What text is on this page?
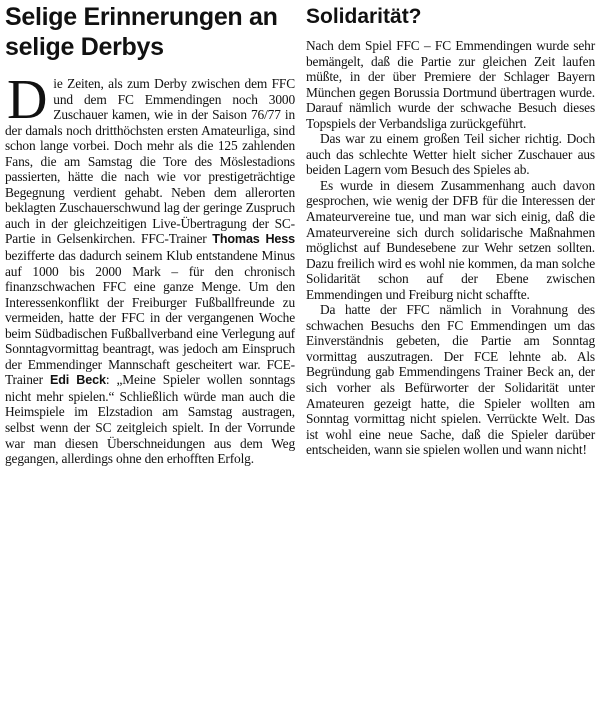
Selige Erinnerungen an selige Derbys

Die Zeiten, als zum Derby zwischen dem FFC und dem FC Emmendingen noch 3000 Zuschauer kamen, wie in der Saison 76/77 in der damals noch dritthöchsten ersten Amateurliga, sind schon lange vorbei. Doch mehr als die 125 zahlenden Fans, die am Samstag die Tore des Möslestadions passierten, hätte die nach wie vor prestigeträchtige Begegnung verdient gehabt. Neben dem allerorten beklagten Zuschauerschwund lag der geringe Zuspruch auch in der gleichzeitigen Live-Übertragung der SC-Partie in Gelsenkirchen. FFC-Trainer Thomas Hess bezifferte das dadurch seinem Klub entstandene Minus auf 1000 bis 2000 Mark – für den chronisch finanzschwachen FFC eine ganze Menge. Um den Interessenkonflikt der Freiburger Fußballfreunde zu vermeiden, hatte der FFC in der vergangenen Woche beim Südbadischen Fußballverband eine Verlegung auf Sonntagvormittag beantragt, was jedoch am Einspruch der Emmendinger Mannschaft gescheitert war. FCE-Trainer Edi Beck: „Meine Spieler wollen sonntags nicht mehr spielen.“ Schließlich würde man auch die Heimspiele im Elzstadion am Samstag austragen, selbst wenn der SC zeitgleich spielt. In der Vorrunde war man diesen Überschneidungen aus dem Weg gegangen, allerdings ohne den erhofften Erfolg.

Solidarität?

Nach dem Spiel FFC – FC Emmendingen wurde sehr bemängelt, daß die Partie zur gleichen Zeit laufen müßte, in der über Premiere der Schlager Bayern München gegen Borussia Dortmund übertragen wurde. Darauf nämlich wurde der schwache Besuch dieses Topspiels der Verbandsliga zurückgeführt.

Das war zu einem großen Teil sicher richtig. Doch auch das schlechte Wetter hielt sicher Zuschauer aus beiden Lagern vom Besuch des Spieles ab.

Es wurde in diesem Zusammenhang auch davon gesprochen, wie wenig der DFB für die Interessen der Amateurvereine tue, und man war sich einig, daß die Amateurvereine sich durch solidarische Maßnahmen möglichst auf Bundesebene zur Wehr setzen sollten. Dazu freilich wird es wohl nie kommen, da man solche Solidarität schon auf der Ebene zwischen Emmendingen und Freiburg nicht schaffte.

Da hatte der FFC nämlich in Vorahnung des schwachen Besuchs den FC Emmendingen um das Einverständnis gebeten, die Partie am Sonntag vormittag auszutragen. Der FCE lehnte ab. Als Begründung gab Emmendingens Trainer Beck an, der sich vorher als Befürworter der Solidarität unter Amateuren gezeigt hatte, die Spieler wollten am Sonntag vormittag nicht spielen. Verrückte Welt. Das ist wohl eine neue Sache, daß die Spieler darüber entscheiden, wann sie spielen wollen und wann nicht!
